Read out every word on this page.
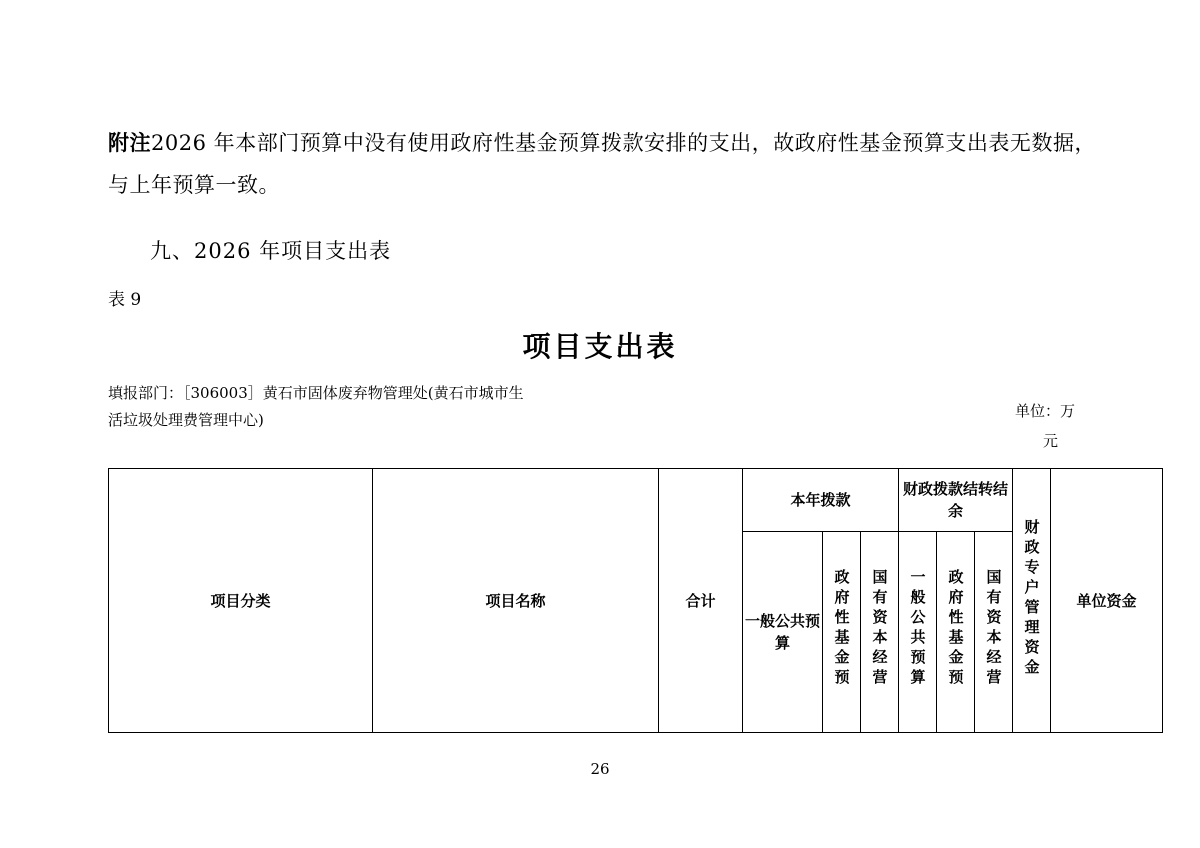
附注2026 年本部门预算中没有使用政府性基金预算拨款安排的支出，故政府性基金预算支出表无数据，与上年预算一致。
九、2026 年项目支出表
表 9
项目支出表
填报部门：［306003］黄石市固体废弃物管理处(黄石市城市生活垃圾处理费管理中心)	单位：万
元
项目分类	项目名称	合计	本年拨款			财政拨款结转结余			财政专户管理资金	单位资金
			一般公共预算	政府性基金预	国有资本经营	一般公共预算	政府性基金预	国有资本经营		
26
